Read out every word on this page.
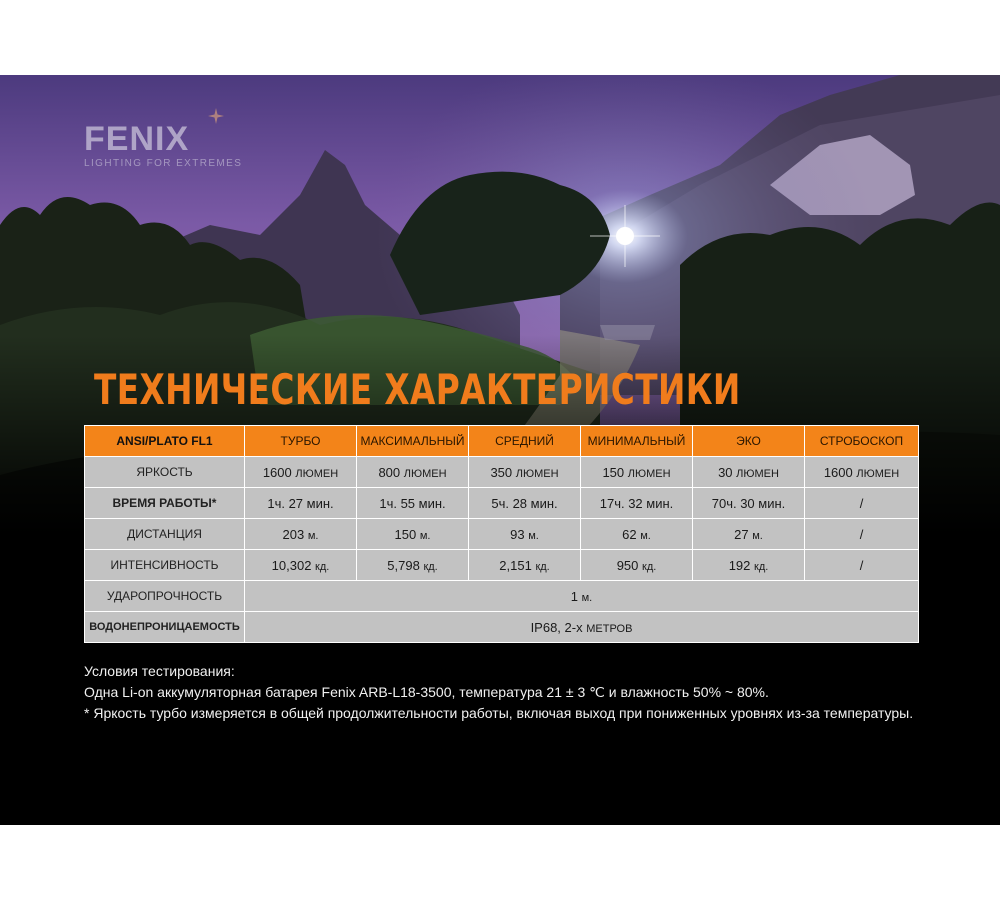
FENIX
LIGHTING FOR EXTREMES
ТЕХНИЧЕСКИЕ ХАРАКТЕРИСТИКИ
ANSI/PLATO FL1	ТУРБО	МАКСИМАЛЬНЫЙ	СРЕДНИЙ	МИНИМАЛЬНЫЙ	ЭКО	СТРОБОСКОП
ЯРКОСТЬ	1600 ЛЮМЕН	800 ЛЮМЕН	350 ЛЮМЕН	150 ЛЮМЕН	30 ЛЮМЕН	1600 ЛЮМЕН
ВРЕМЯ РАБОТЫ*	1ч. 27 мин.	1ч. 55 мин.	5ч. 28 мин.	17ч. 32 мин.	70ч. 30 мин.	/
ДИСТАНЦИЯ	203 м.	150 м.	93 м.	62 м.	27 м.	/
ИНТЕНСИВНОСТЬ	10,302 кд.	5,798 кд.	2,151 кд.	950 кд.	192 кд.	/
УДАРОПРОЧНОСТЬ	1 м.					
ВОДОНЕПРОНИЦАЕМОСТЬ	IP68, 2-х МЕТРОВ					

Условия тестирования:

Одна Li-on аккумуляторная батарея Fenix ARB-L18-3500, температура 21 ± 3 ℃ и влажность 50% ~ 80%.

* Яркость турбо измеряется в общей продолжительности работы, включая выход при пониженных уровнях из-за температуры.
